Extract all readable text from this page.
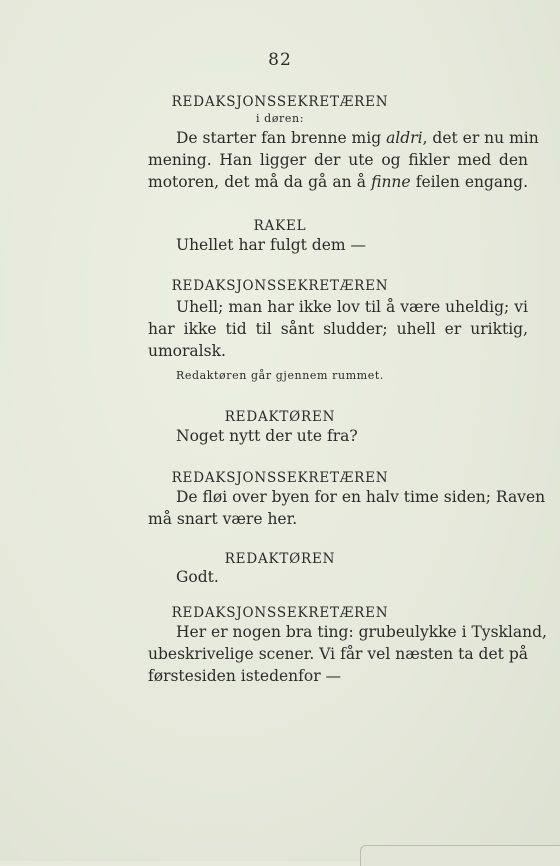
82
REDAKSJONSSEKRETÆREN
i døren:
De starter fan brenne mig aldri, det er nu min
mening. Han ligger der ute og fikler med den
motoren, det må da gå an å finne feilen engang.
RAKEL
Uhellet har fulgt dem —
REDAKSJONSSEKRETÆREN
Uhell; man har ikke lov til å være uheldig; vi
har ikke tid til sånt sludder; uhell er uriktig,
umoralsk.
Redaktøren går gjennem rummet.
REDAKTØREN
Noget nytt der ute fra?
REDAKSJONSSEKRETÆREN
De fløi over byen for en halv time siden; Raven
må snart være her.
REDAKTØREN
Godt.
REDAKSJONSSEKRETÆREN
Her er nogen bra ting: grubeulykke i Tyskland,
ubeskrivelige scener. Vi får vel næsten ta det på
førstesiden istedenfor —
